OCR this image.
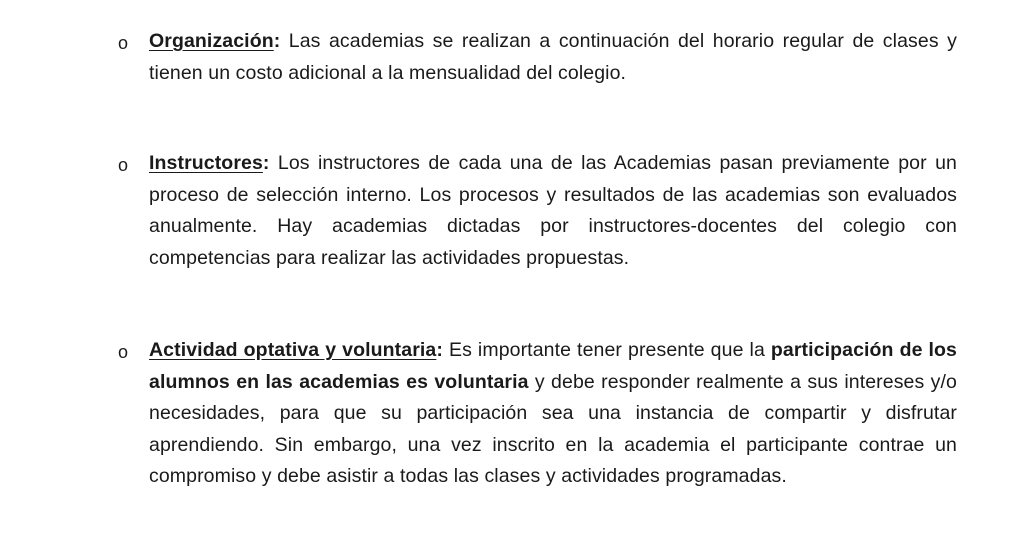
o Organización: Las academias se realizan a continuación del horario regular de clases y tienen un costo adicional a la mensualidad del colegio.
o Instructores: Los instructores de cada una de las Academias pasan previamente por un proceso de selección interno. Los procesos y resultados de las academias son evaluados anualmente. Hay academias dictadas por instructores-docentes del colegio con competencias para realizar las actividades propuestas.
o Actividad optativa y voluntaria: Es importante tener presente que la participación de los alumnos en las academias es voluntaria y debe responder realmente a sus intereses y/o necesidades, para que su participación sea una instancia de compartir y disfrutar aprendiendo. Sin embargo, una vez inscrito en la academia el participante contrae un compromiso y debe asistir a todas las clases y actividades programadas.
